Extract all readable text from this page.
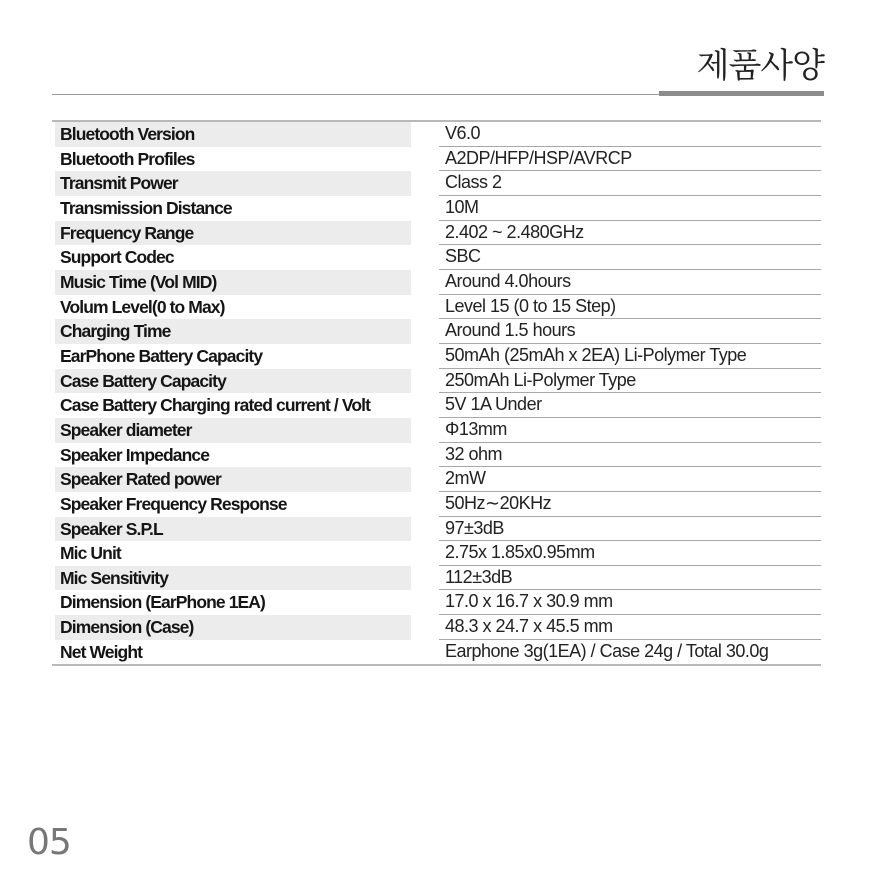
제품사양
Bluetooth Version	V6.0
Bluetooth Profiles	A2DP/HFP/HSP/AVRCP
Transmit Power	Class 2
Transmission Distance	10M
Frequency Range	2.402 ~ 2.480GHz
Support Codec	SBC
Music Time (Vol MID)	Around 4.0hours
Volum Level(0 to Max)	Level 15 (0 to 15 Step)
Charging Time	Around 1.5 hours
EarPhone Battery Capacity	50mAh (25mAh x 2EA) Li-Polymer Type
Case Battery Capacity	250mAh Li-Polymer Type
Case Battery Charging rated current / Volt	5V 1A Under
Speaker diameter	Φ13mm
Speaker Impedance	32 ohm
Speaker Rated power	2mW
Speaker Frequency Response	50Hz∼20KHz
Speaker S.P.L	97±3dB
Mic Unit	2.75x 1.85x0.95mm
Mic Sensitivity	112±3dB
Dimension (EarPhone 1EA)	17.0 x 16.7 x 30.9 mm
Dimension (Case)	48.3 x 24.7 x 45.5 mm
Net Weight	Earphone 3g(1EA) / Case 24g / Total 30.0g
05
